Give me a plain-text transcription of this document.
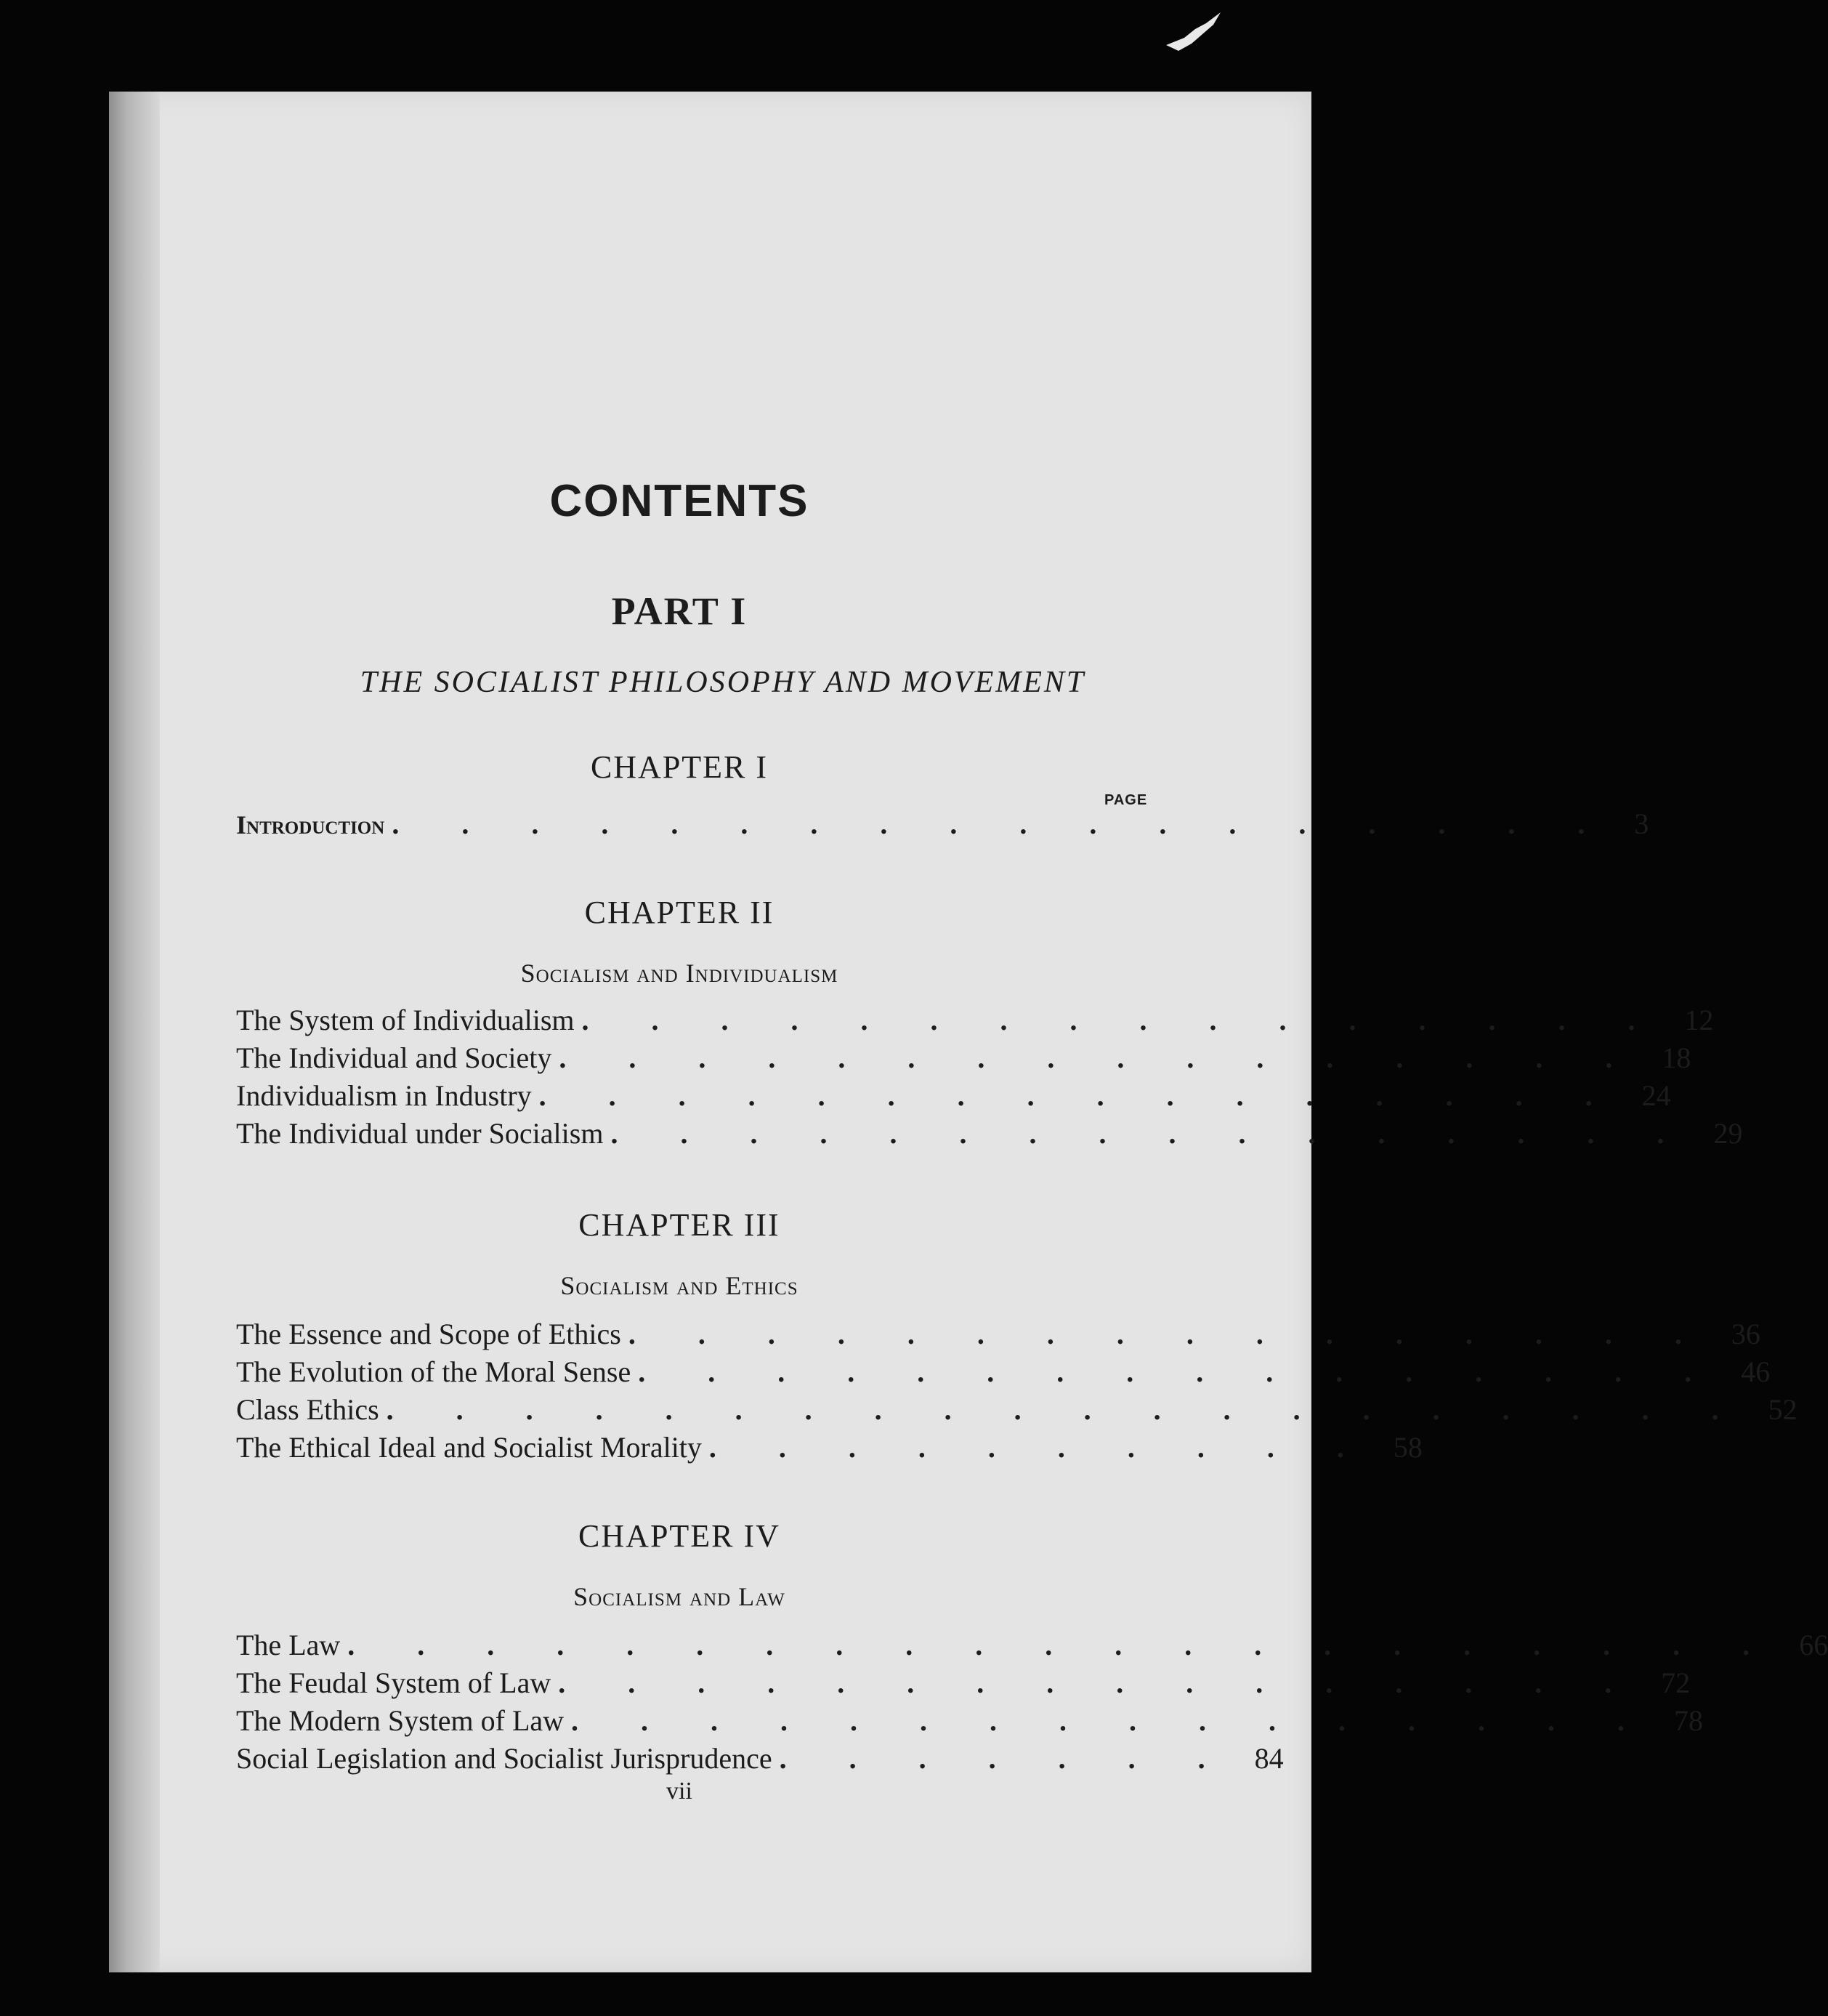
CONTENTS
PART I
THE SOCIALIST PHILOSOPHY AND MOVEMENT
PAGE
CHAPTER I
Introduction . . . . . . . . . . . . . . . . . . 3
CHAPTER II
Socialism and Individualism
The System of Individualism . . . . . . . . . . . . . . . . 12
The Individual and Society . . . . . . . . . . . . . . . . 18
Individualism in Industry . . . . . . . . . . . . . . . . 24
The Individual under Socialism . . . . . . . . . . . . . . . . 29
CHAPTER III
Socialism and Ethics
The Essence and Scope of Ethics . . . . . . . . . . . . . . . . 36
The Evolution of the Moral Sense . . . . . . . . . . . . . . . . 46
Class Ethics . . . . . . . . . . . . . . . . . . . . 52
The Ethical Ideal and Socialist Morality . . . . . . . . . . 58
CHAPTER IV
Socialism and Law
The Law . . . . . . . . . . . . . . . . . . . . . 66
The Feudal System of Law . . . . . . . . . . . . . . . . 72
The Modern System of Law . . . . . . . . . . . . . . . . 78
Social Legislation and Socialist Jurisprudence . . . . . . . 84
vii
